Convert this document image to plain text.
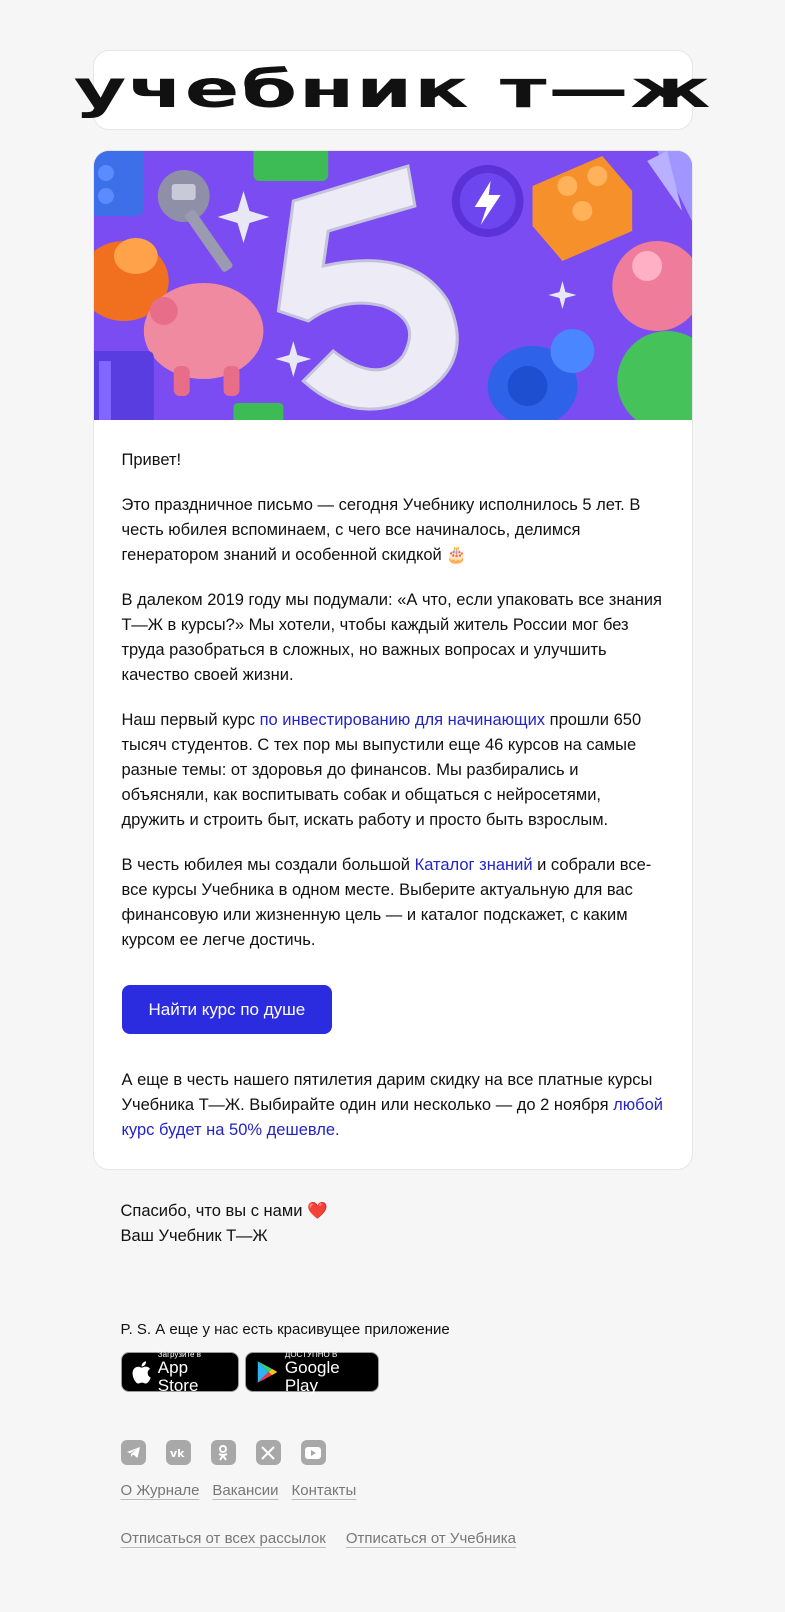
учебник т—ж

Привет!

Это праздничное письмо — сегодня Учебнику исполнилось 5 лет. В честь юбилея вспоминаем, с чего все начиналось, делимся генератором знаний и особенной скидкой 🎂

В далеком 2019 году мы подумали: «А что, если упаковать все знания Т—Ж в курсы?» Мы хотели, чтобы каждый житель России мог без труда разобраться в сложных, но важных вопросах и улучшить качество своей жизни.

Наш первый курс по инвестированию для начинающих прошли 650 тысяч студентов. С тех пор мы выпустили еще 46 курсов на самые разные темы: от здоровья до финансов. Мы разбирались и объясняли, как воспитывать собак и общаться с нейросетями, дружить и строить быт, искать работу и просто быть взрослым.

В честь юбилея мы создали большой Каталог знаний и собрали все-все курсы Учебника в одном месте. Выберите актуальную для вас финансовую или жизненную цель — и каталог подскажет, с каким курсом ее легче достичь.

Найти курс по душе

А еще в честь нашего пятилетия дарим скидку на все платные курсы Учебника Т—Ж. Выбирайте один или несколько — до 2 ноября любой курс будет на 50% дешевле.

Спасибо, что вы с нами ❤️
Ваш Учебник Т—Ж
P. S. А еще у нас есть красивущее приложение
Загрузите в
App Store
ДОСТУПНО В
Google Play
vk
О Журнале Вакансии Контакты
Отписаться от всех рассылок Отписаться от Учебника
